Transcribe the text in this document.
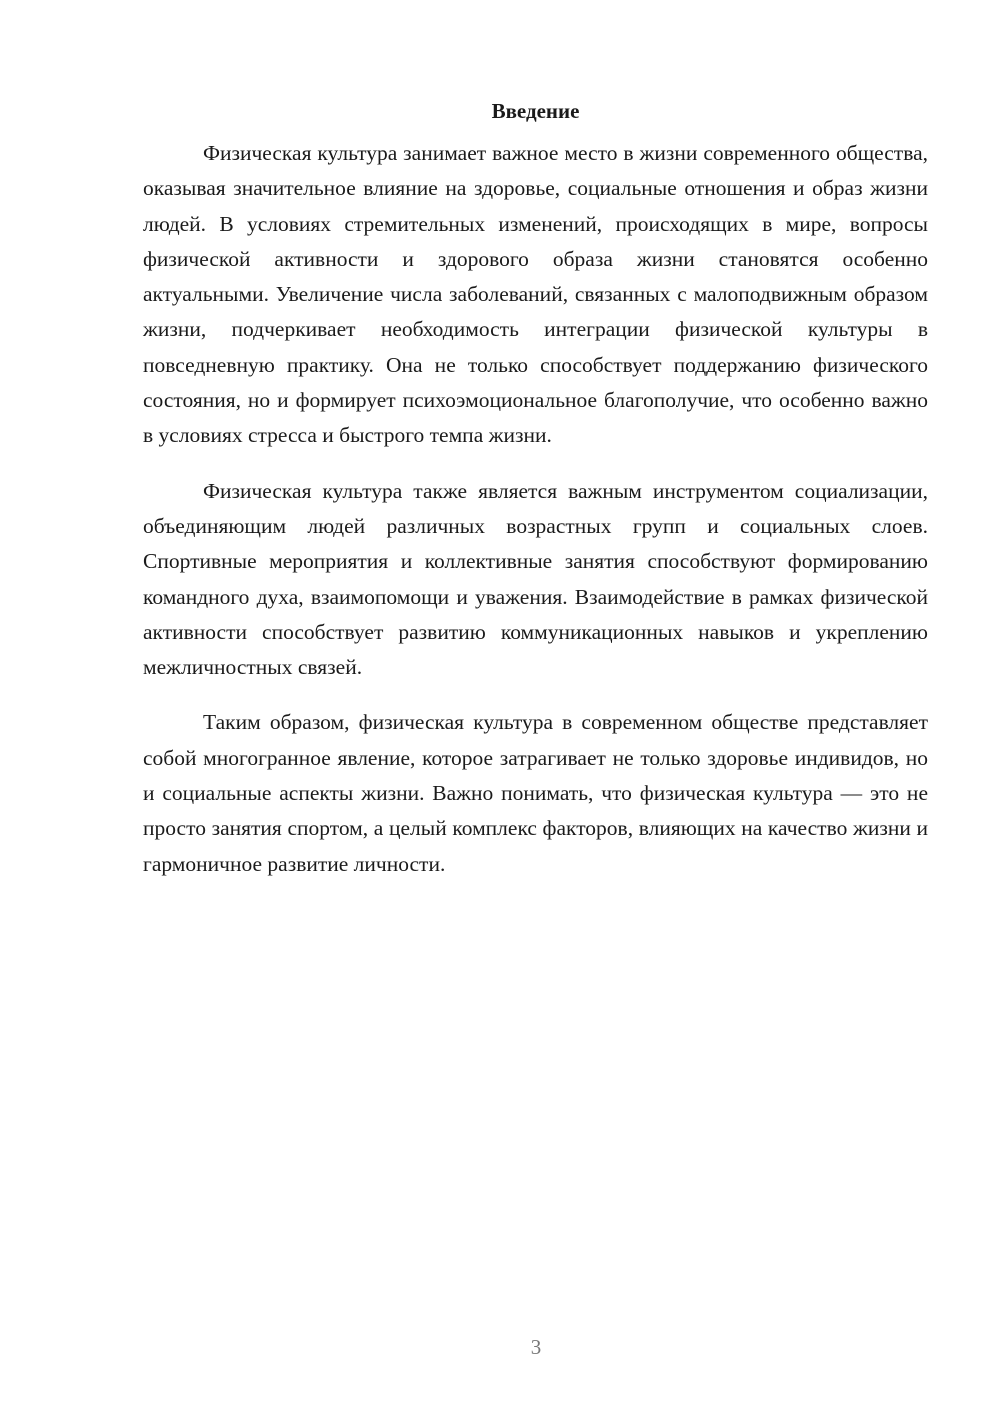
Введение

Физическая культура занимает важное место в жизни современного общества, оказывая значительное влияние на здоровье, социальные отношения и образ жизни людей. В условиях стремительных изменений, происходящих в мире, вопросы физической активности и здорового образа жизни становятся особенно актуальными. Увеличение числа заболеваний, связанных с малоподвижным образом жизни, подчеркивает необходимость интеграции физической культуры в повседневную практику. Она не только способствует поддержанию физического состояния, но и формирует психоэмоциональное благополучие, что особенно важно в условиях стресса и быстрого темпа жизни.

Физическая культура также является важным инструментом социализации, объединяющим людей различных возрастных групп и социальных слоев. Спортивные мероприятия и коллективные занятия способствуют формированию командного духа, взаимопомощи и уважения. Взаимодействие в рамках физической активности способствует развитию коммуникационных навыков и укреплению межличностных связей.

Таким образом, физическая культура в современном обществе представляет собой многогранное явление, которое затрагивает не только здоровье индивидов, но и социальные аспекты жизни. Важно понимать, что физическая культура — это не просто занятия спортом, а целый комплекс факторов, влияющих на качество жизни и гармоничное развитие личности.

3
